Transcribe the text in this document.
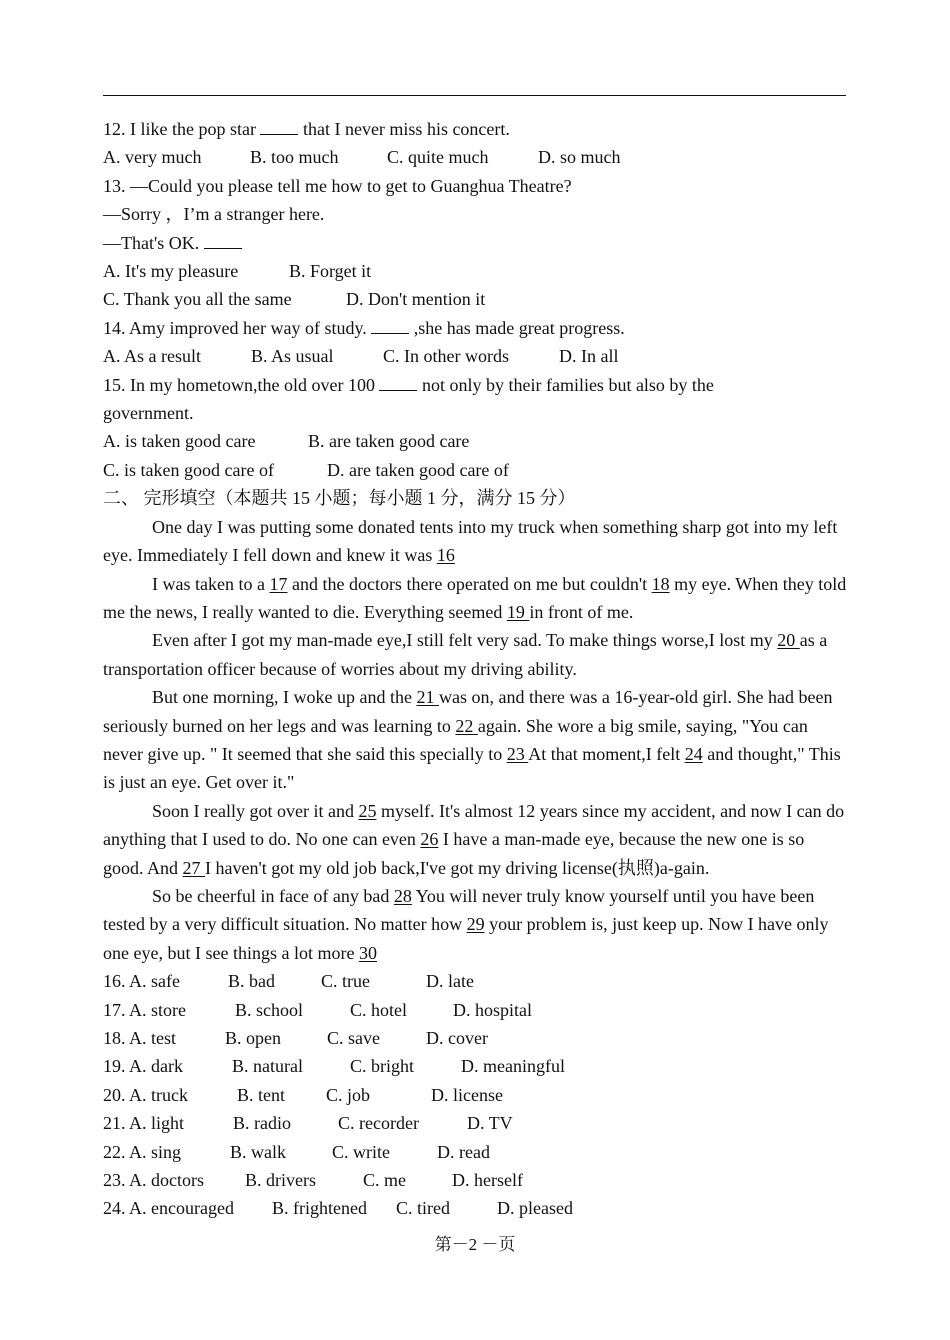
12. I like the pop star  that I never miss his concert.
A. very much	B. too much	C. quite much	D. so much
13. —Could you please tell me how to get to Guanghua Theatre?
—Sorry ，I’m a stranger here.
—That's OK.
A. It's my pleasure	B. Forget it
C. Thank you all the same	D. Don't mention it
14. Amy improved her way of study.  ,she has made great progress.
A. As a result	B. As usual	C. In other words	D. In all
15. In my hometown,the old over 100  not only by their families but also by the
government.
A. is taken good care	B. are taken good care
C. is taken good care of	D. are taken good care of
二、 完形填空（本题共 15 小题；每小题 1 分，满分 15 分）
One day I was putting some donated tents into my truck when something sharp got into my left eye. Immediately I fell down and knew it was 16
I was taken to a 17 and the doctors there operated on me but couldn't 18 my eye. When they told me the news, I really wanted to die. Everything seemed 19 in front of me.
Even after I got my man-made eye,I still felt very sad. To make things worse,I lost my 20 as a transportation officer because of worries about my driving ability.
But one morning, I woke up and the 21 was on, and there was a 16-year-old girl. She had been seriously burned on her legs and was learning to 22 again. She wore a big smile, saying, "You can never give up. " It seemed that she said this specially to 23 At that moment,I felt 24 and thought," This is just an eye. Get over it."
Soon I really got over it and 25 myself. It's almost 12 years since my accident, and now I can do anything that I used to do. No one can even 26 I have a man-made eye, because the new one is so good. And 27 I haven't got my old job back,I've got my driving license(执照)a-gain.
So be cheerful in face of any bad 28 You will never truly know yourself until you have been tested by a very difficult situation. No matter how 29 your problem is, just keep up. Now I have only one eye, but I see things a lot more 30
16. A. safe	B. bad	C. true	D. late
17. A. store	B. school	C. hotel	D. hospital
18. A. test	B. open	C. save	D. cover
19. A. dark	B. natural	C. bright	D. meaningful
20. A. truck	B. tent C. job	D. license
21. A. light	B. radio	C. recorder	D. TV
22. A. sing	B. walk	C. write	D. read
23. A. doctors B. drivers	C. me	D. herself
24. A. encouraged B. frightened C. tired	D. pleased
第－2 －页
